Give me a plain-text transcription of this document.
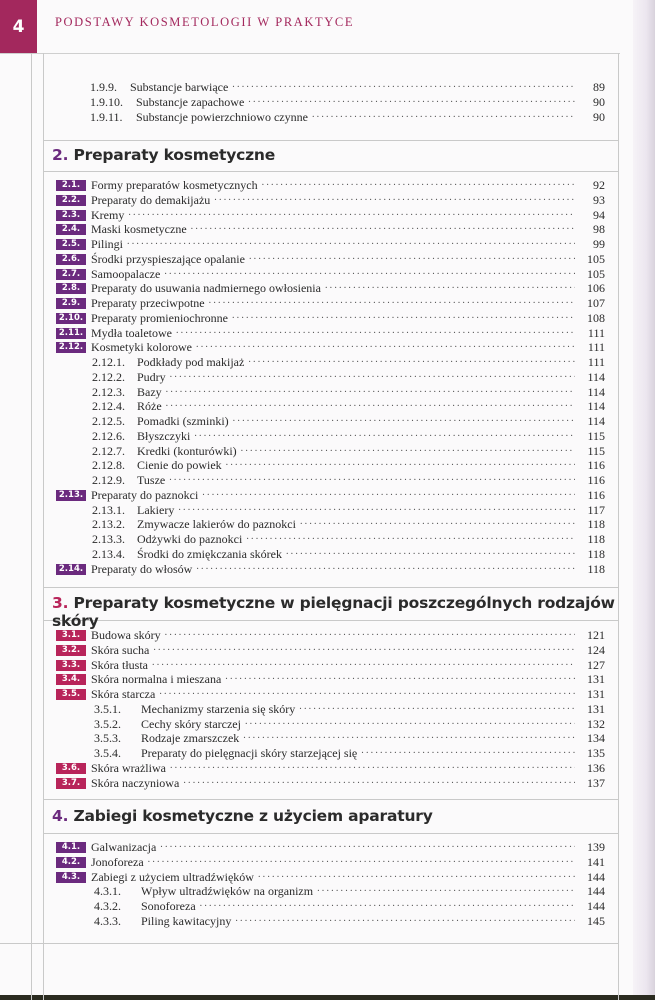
4	PODSTAWY KOSMETOLOGII W PRAKTYCE
1.9.9.	Substancje barwiące .....	89
1.9.10.	Substancje zapachowe .....	90
1.9.11.	Substancje powierzchniowo czynne .....	90
2. Preparaty kosmetyczne
3. Preparaty kosmetyczne w pielęgnacji poszczególnych rodzajów skóry
4. Zabiegi kosmetyczne z użyciem aparatury
2.1. Formy preparatów kosmetycznych .....	92
2.2. Preparaty do demakijażu .....	93
2.3. Kremy .....	94
2.4. Maski kosmetyczne .....	98
2.5. Pilingi .....	99
2.6. Środki przyspieszające opalanie .....	105
2.7. Samoopalacze .....	105
2.8. Preparaty do usuwania nadmiernego owłosienia .....	106
2.9. Preparaty przeciwpotne .....	107
2.10. Preparaty promieniochronne .....	108
2.11. Mydła toaletowe .....	111
2.12. Kosmetyki kolorowe .....	111
2.12.1.	Podkłady pod makijaż .....	111
2.12.2.	Pudry .....	114
2.12.3.	Bazy .....	114
2.12.4.	Róże .....	114
2.12.5.	Pomadki (szminki) .....	114
2.12.6.	Błyszczyki .....	115
2.12.7.	Kredki (konturówki) .....	115
2.12.8.	Cienie do powiek .....	116
2.12.9.	Tusze .....	116
2.13. Preparaty do paznokci .....	116
2.13.1.	Lakiery .....	117
2.13.2.	Zmywacze lakierów do paznokci .....	118
2.13.3.	Odżywki do paznokci .....	118
2.13.4.	Środki do zmiękczania skórek .....	118
2.14. Preparaty do włosów .....	118
3.1. Budowa skóry .....	121
3.2. Skóra sucha .....	124
3.3. Skóra tłusta .....	127
3.4. Skóra normalna i mieszana .....	131
3.5. Skóra starcza .....	131
3.5.1.	Mechanizmy starzenia się skóry .....	131
3.5.2.	Cechy skóry starczej .....	132
3.5.3.	Rodzaje zmarszczek .....	134
3.5.4.	Preparaty do pielęgnacji skóry starzejącej się .....	135
3.6. Skóra wrażliwa .....	136
3.7. Skóra naczyniowa .....	137
4.1. Galwanizacja .....	139
4.2. Jonoforeza .....	141
4.3. Zabiegi z użyciem ultradźwięków .....	144
4.3.1.	Wpływ ultradźwięków na organizm .....	144
4.3.2.	Sonoforeza .....	144
4.3.3.	Piling kawitacyjny .....	145
